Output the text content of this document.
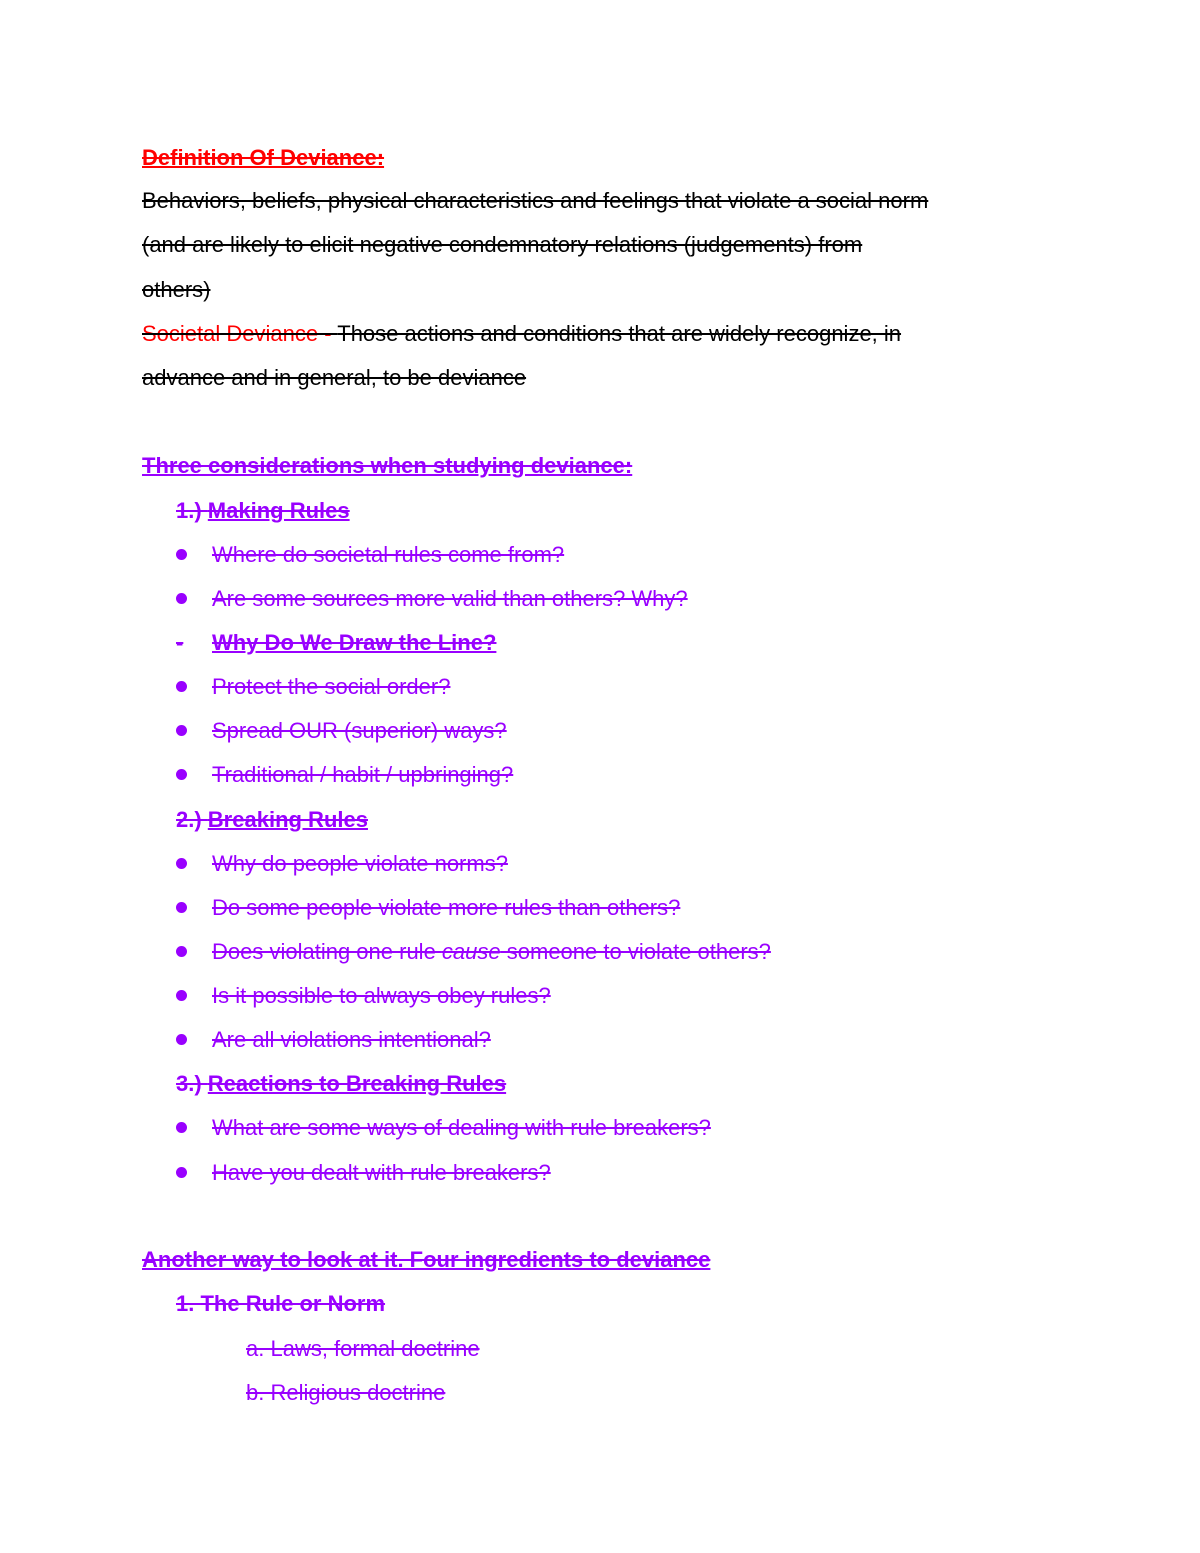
Definition Of Deviance:
Behaviors, beliefs, physical characteristics and feelings that violate a social norm
(and are likely to elicit negative condemnatory relations (judgements) from
others)
Societal Deviance - Those actions and conditions that are widely recognize, in
advance and in general, to be deviance
Three considerations when studying deviance:
1.) Making Rules
Where do societal rules come from?
Are some sources more valid than others? Why?
- Why Do We Draw the Line?
Protect the social order?
Spread OUR (superior) ways?
Traditional / habit / upbringing?
2.) Breaking Rules
Why do people violate norms?
Do some people violate more rules than others?
Does violating one rule cause someone to violate others?
Is it possible to always obey rules?
Are all violations intentional?
3.) Reactions to Breaking Rules
What are some ways of dealing with rule breakers?
Have you dealt with rule breakers?
Another way to look at it. Four ingredients to deviance
1. The Rule or Norm
a. Laws, formal doctrine
b. Religious doctrine
